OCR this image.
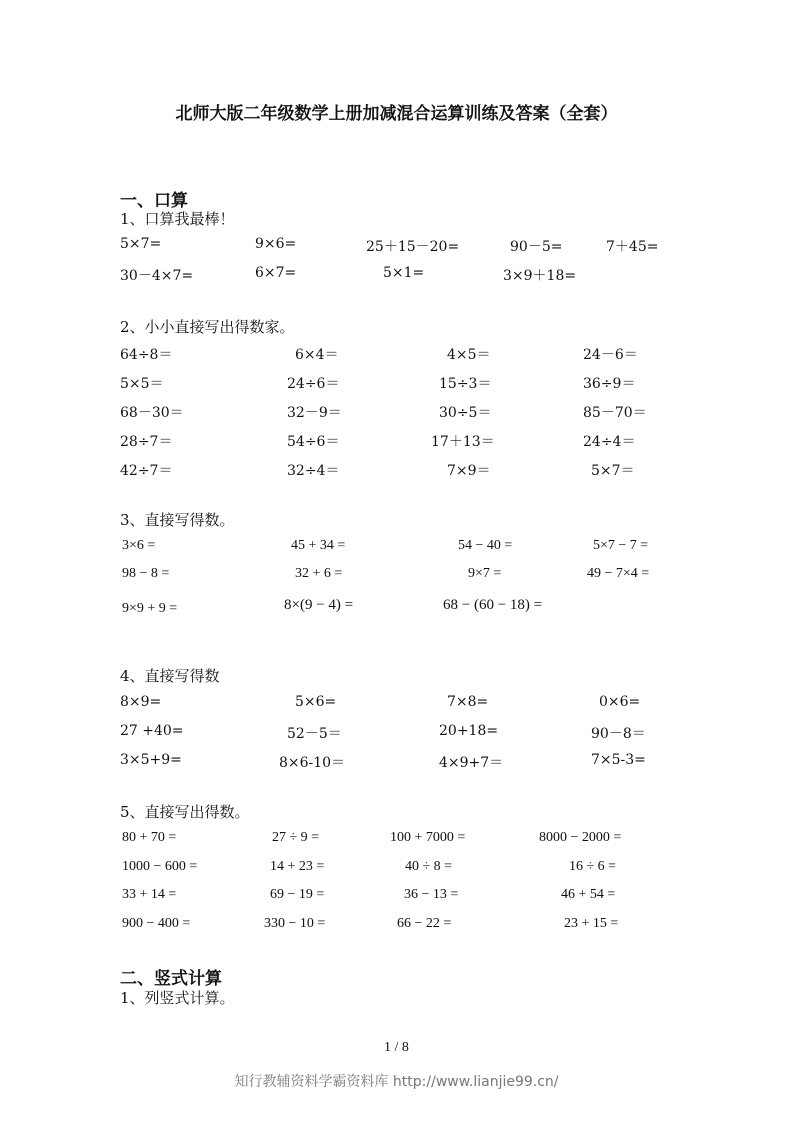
北师大版二年级数学上册加减混合运算训练及答案（全套）
一、口算
1、口算我最棒！
5×7=	9×6=	25＋15－20=	90－5=	7＋45=
30－4×7=	6×7=	5×1=	3×9＋18=
2、小小直接写出得数家。
64÷8＝	6×4＝	4×5＝	24－6＝
5×5＝	24÷6＝	15÷3＝	36÷9＝
68－30＝	32－9＝	30÷5＝	85－70＝
28÷7＝	54÷6＝	17＋13＝	24÷4＝
42÷7＝	32÷4＝	7×9＝	5×7＝
3、直接写得数。
3×6 =	45 + 34 =	54 − 40 =	5×7 − 7 =
98 − 8 =	32 + 6 =	9×7 =	49 − 7×4 =
9×9 + 9 =	8×(9 − 4) =	68 − (60 − 18) =
4、直接写得数
8×9=	5×6=	7×8=	0×6=
27 +40=	52－5＝	20+18=	90－8＝
3×5+9=	8×6-10＝	4×9+7＝	7×5-3=
5、直接写出得数。
80 + 70 =	27 ÷ 9 =	100 + 7000 =	8000 − 2000 =
1000 − 600 =	14 + 23 =	40 ÷ 8 =	16 ÷ 6 =
33 + 14 =	69 − 19 =	36 − 13 =	46 + 54 =
900 − 400 =	330 − 10 =	66 − 22 =	23 + 15 =
二、竖式计算
1、列竖式计算。
1 / 8
知行教辅资料学霸资料库 http://www.lianjie99.cn/
